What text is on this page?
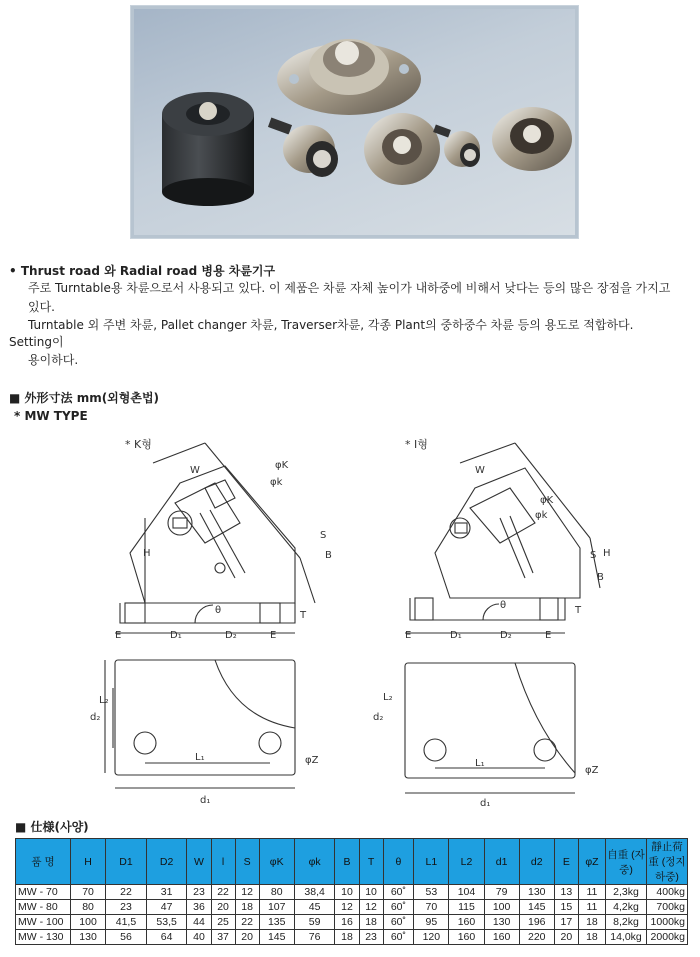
• Thrust road 와 Radial road 병용 차륜기구
주로 Turntable용 차륜으로서 사용되고 있다. 이 제품은 차륜 자체 높이가 내하중에 비해서 낮다는 등의 많은 장점을 가지고
있다.
Turntable 외 주변 차륜, Pallet changer 차륜, Traverser차륜, 각종 Plant의 중하중수 차륜 등의 용도로 적합하다.
Setting이
용이하다.
■ 外形寸法 mm(외형촌법)
* MW TYPE
* K형
W	φK
φk
H
S
B
θ	T
E	D₁	D₂	E
L₂
d₂
L₁	φZ
d₁
* I형
W
φK
φk
H
S
B
θ	T
E	D₁	D₂	E
L₂
d₂
L₁
φZ
d₁
■ 仕様(사양)
품 명	H	D1	D2	W	l	S	φK	φk	B	T	θ	L1	L2	d1	d2	E	φZ	自重 (자중)	靜止荷重 (정지하중)
MW - 70	70	22	31	23	22	12	80	38,4	10	10	60˚	53	104	79	130	13	11	2,3kg	400kg
MW - 80	80	23	47	36	20	18	107	45	12	12	60˚	70	115	100	145	15	11	4,2kg	700kg
MW - 100	100	41,5	53,5	44	25	22	135	59	16	18	60˚	95	160	130	196	17	18	8,2kg	1000kg
MW - 130	130	56	64	40	37	20	145	76	18	23	60˚	120	160	160	220	20	18	14,0kg	2000kg
